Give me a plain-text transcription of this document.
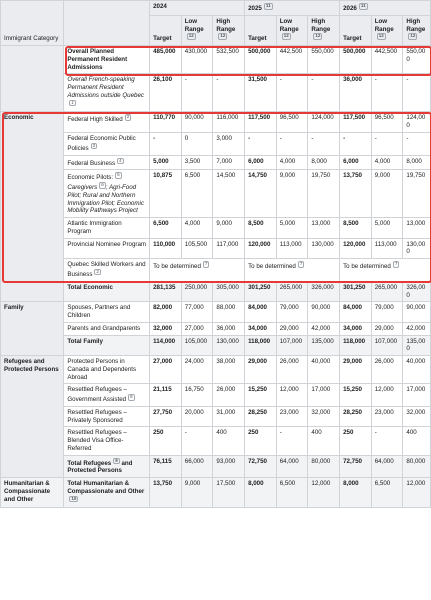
Immigrant Category		2024			2025 11			2026 11		
		Target	Low Range12	High Range12	Target	Low Range12	High Range12	Target	Low Range12	High Range12
	Overall Planned Permanent Resident Admissions	485,000	430,000	532,500	500,000	442,500	550,000	500,000	442,500	550,000
	Overall French-speaking Permanent Resident Admissions outside Quebec1	26,100	-	-	31,500	-	-	36,000	-	-
Economic	Federal High Skilled 2	110,770	90,000	116,000	117,500	96,500	124,000	117,500	96,500	124,000
	Federal Economic Public Policies 3	-	0	3,000	-	-	-	-	-	-
	Federal Business 4	5,000	3,500	7,000	6,000	4,000	8,000	6,000	4,000	8,000
	Economic Pilots: 5 Caregivers 6 ; Agri-Food Pilot; Rural and Northern Immigration Pilot; Economic Mobility Pathways Project	10,875	6,500	14,500	14,750	9,000	19,750	13,750	9,000	19,750
	Atlantic Immigration Program	6,500	4,000	9,000	8,500	5,000	13,000	8,500	5,000	13,000
	Provincial Nominee Program	110,000	105,500	117,000	120,000	113,000	130,000	120,000	113,000	130,000
	Quebec Skilled Workers and Business 2	To be determined 7			To be determined 7			To be determined 7		
	Total Economic	281,135	250,000	305,000	301,250	265,000	326,000	301,250	265,000	326,000
Family	Spouses, Partners and Children	82,000	77,000	88,000	84,000	79,000	90,000	84,000	79,000	90,000
	Parents and Grandparents	32,000	27,000	36,000	34,000	29,000	42,000	34,000	29,000	42,000
	Total Family	114,000	105,000	130,000	118,000	107,000	135,000	118,000	107,000	135,000
Refugees and Protected Persons	Protected Persons in Canada and Dependents Abroad	27,000	24,000	38,000	29,000	26,000	40,000	29,000	26,000	40,000
	Resettled Refugees – Government Assisted 8	21,115	16,750	26,000	15,250	12,000	17,000	15,250	12,000	17,000
	Resettled Refugees – Privately Sponsored	27,750	20,000	31,000	28,250	23,000	32,000	28,250	23,000	32,000
	Resettled Refugees – Blended Visa Office-Referred	250	-	400	250	-	400	250	-	400
	Total Refugees 9 and Protected Persons	76,115	66,000	93,000	72,750	64,000	80,000	72,750	64,000	80,000
Humanitarian & Compassionate and Other	Total Humanitarian & Compassionate and Other10	13,750	9,000	17,500	8,000	6,500	12,000	8,000	6,500	12,000
